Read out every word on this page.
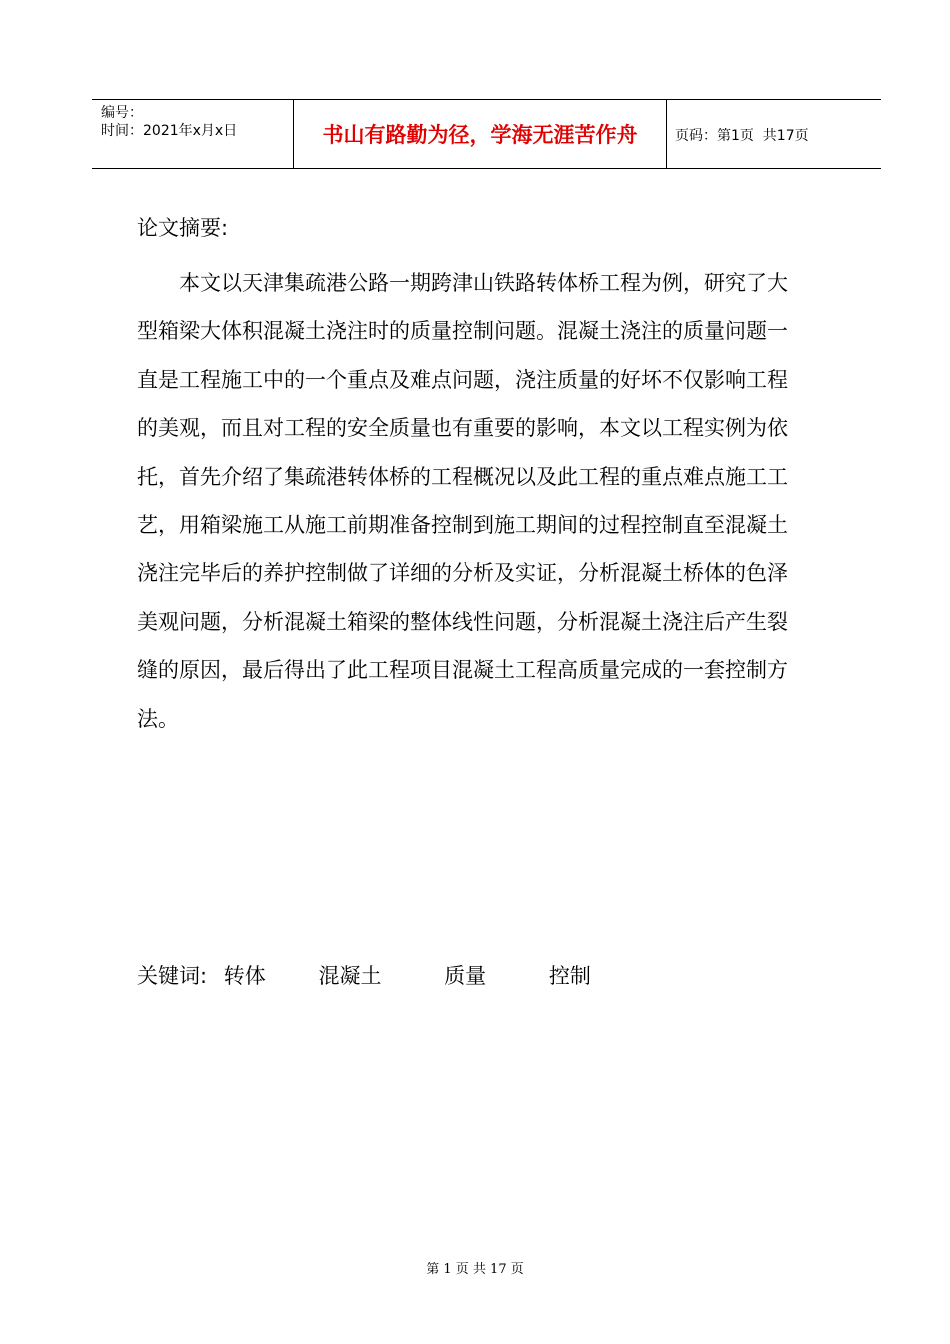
编号：
时间：2021年x月x日	书山有路勤为径，学海无涯苦作舟	页码：第1页  共17页
论文摘要:
本文以天津集疏港公路一期跨津山铁路转体桥工程为例，研究了大
型箱梁大体积混凝土浇注时的质量控制问题。混凝土浇注的质量问题一
直是工程施工中的一个重点及难点问题，浇注质量的好坏不仅影响工程
的美观，而且对工程的安全质量也有重要的影响，本文以工程实例为依
托，首先介绍了集疏港转体桥的工程概况以及此工程的重点难点施工工
艺，用箱梁施工从施工前期准备控制到施工期间的过程控制直至混凝土
浇注完毕后的养护控制做了详细的分析及实证，分析混凝土桥体的色泽
美观问题，分析混凝土箱梁的整体线性问题，分析混凝土浇注后产生裂
缝的原因，最后得出了此工程项目混凝土工程高质量完成的一套控制方
法。
关键词: 转体	混凝土	质量	控制
第 1 页 共 17 页
